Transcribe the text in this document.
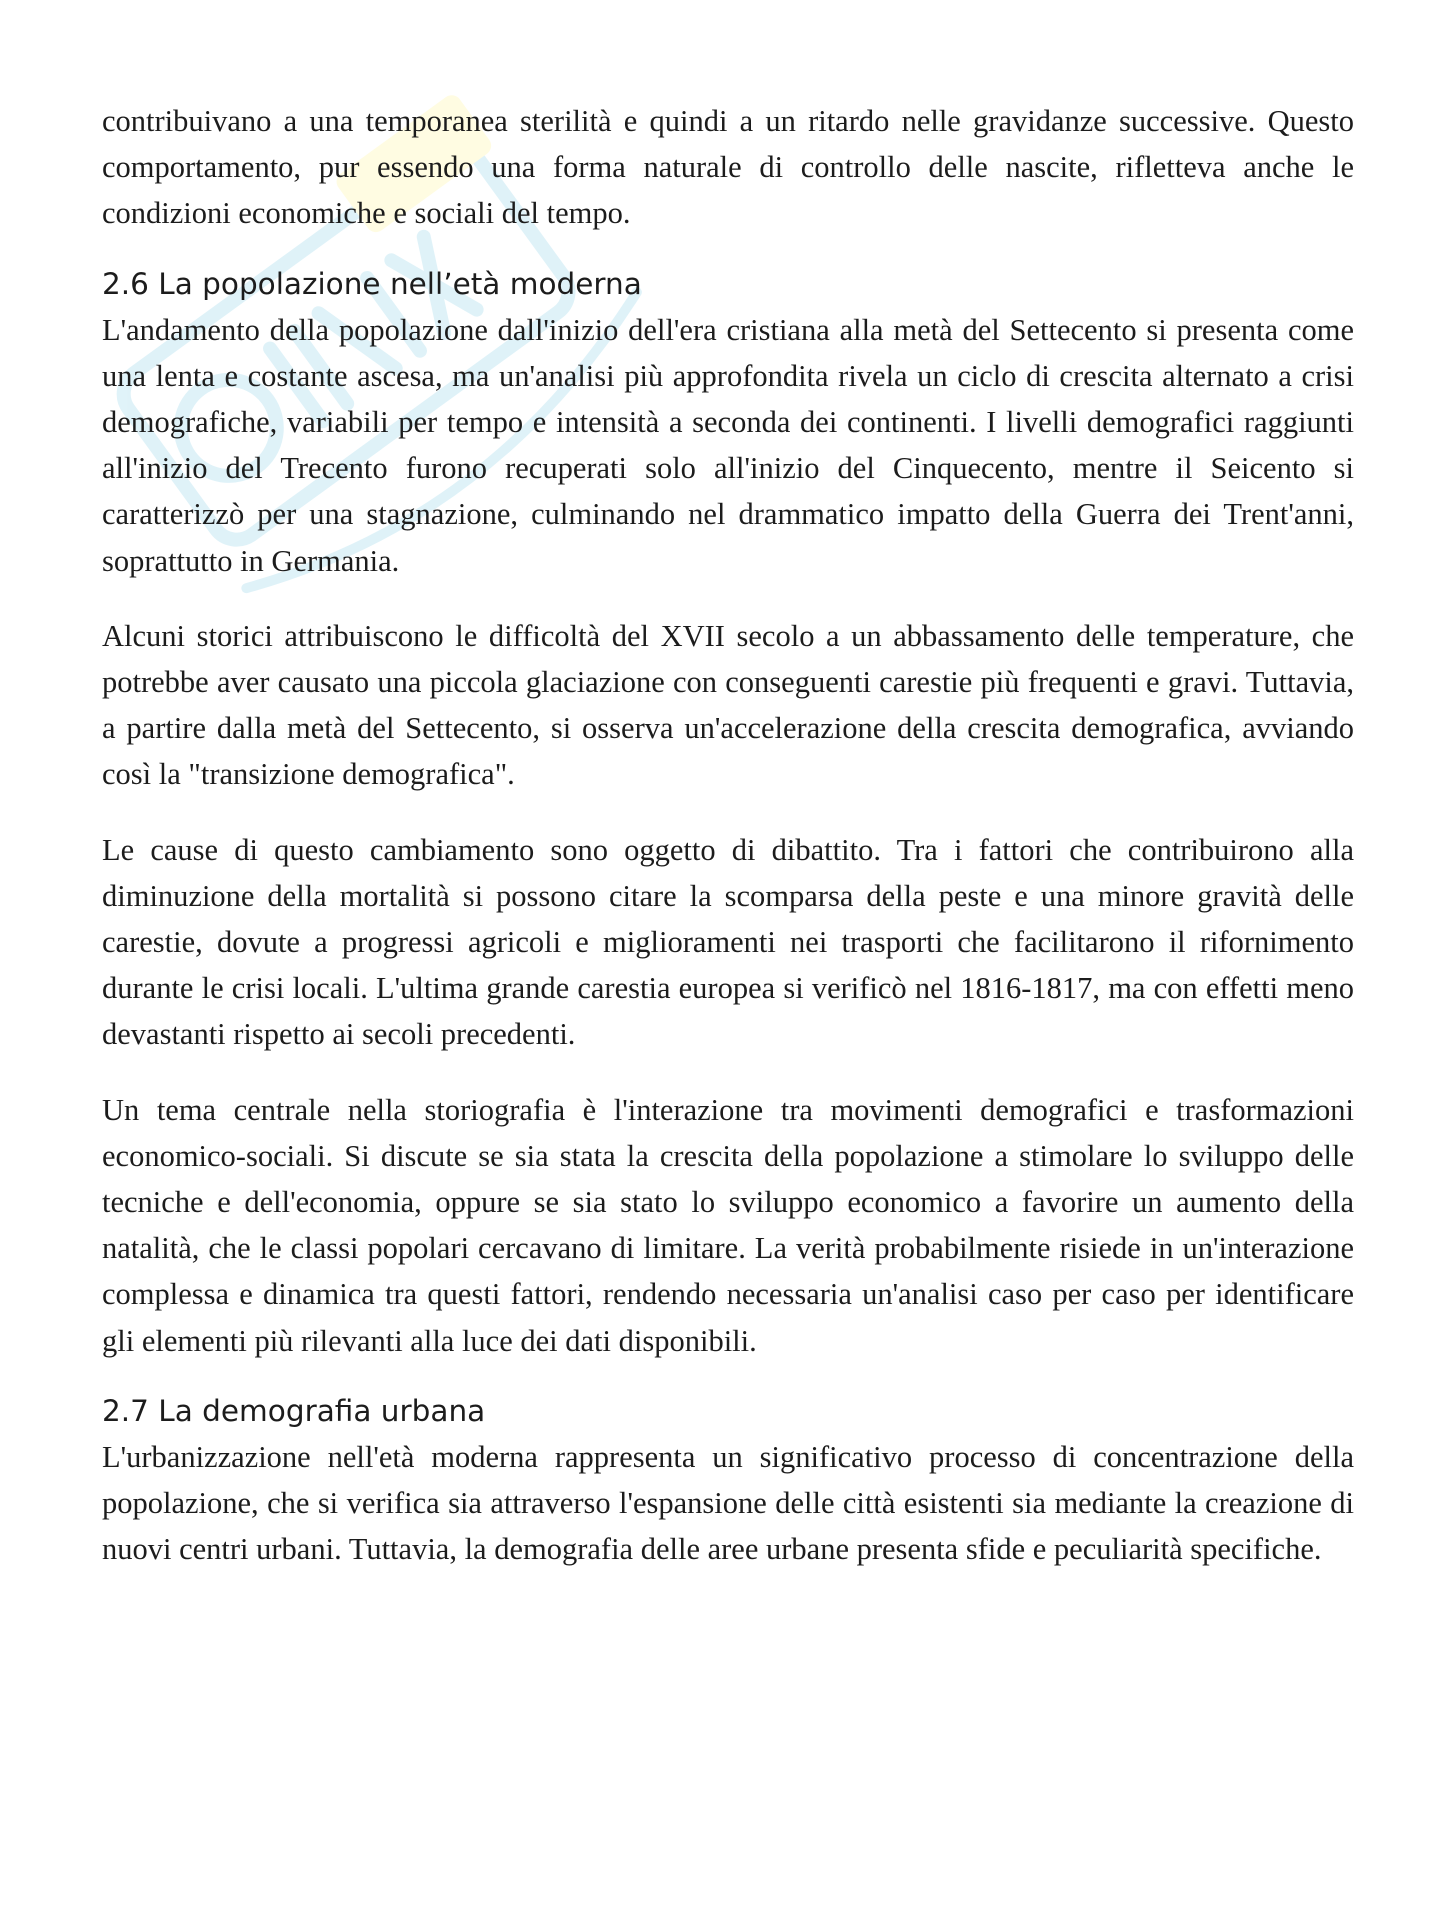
contribuivano a una temporanea sterilità e quindi a un ritardo nelle gravidanze successive. Questo comportamento, pur essendo una forma naturale di controllo delle nascite, rifletteva anche le condizioni economiche e sociali del tempo.

2.6 La popolazione nell’età moderna

L'andamento della popolazione dall'inizio dell'era cristiana alla metà del Settecento si presenta come una lenta e costante ascesa, ma un'analisi più approfondita rivela un ciclo di crescita alternato a crisi demografiche, variabili per tempo e intensità a seconda dei continenti. I livelli demografici raggiunti all'inizio del Trecento furono recuperati solo all'inizio del Cinquecento, mentre il Seicento si caratterizzò per una stagnazione, culminando nel drammatico impatto della Guerra dei Trent'anni, soprattutto in Germania.

Alcuni storici attribuiscono le difficoltà del XVII secolo a un abbassamento delle temperature, che potrebbe aver causato una piccola glaciazione con conseguenti carestie più frequenti e gravi. Tuttavia, a partire dalla metà del Settecento, si osserva un'accelerazione della crescita demografica, avviando così la "transizione demografica".

Le cause di questo cambiamento sono oggetto di dibattito. Tra i fattori che contribuirono alla diminuzione della mortalità si possono citare la scomparsa della peste e una minore gravità delle carestie, dovute a progressi agricoli e miglioramenti nei trasporti che facilitarono il rifornimento durante le crisi locali. L'ultima grande carestia europea si verificò nel 1816-1817, ma con effetti meno devastanti rispetto ai secoli precedenti.

Un tema centrale nella storiografia è l'interazione tra movimenti demografici e trasformazioni economico-sociali. Si discute se sia stata la crescita della popolazione a stimolare lo sviluppo delle tecniche e dell'economia, oppure se sia stato lo sviluppo economico a favorire un aumento della natalità, che le classi popolari cercavano di limitare. La verità probabilmente risiede in un'interazione complessa e dinamica tra questi fattori, rendendo necessaria un'analisi caso per caso per identificare gli elementi più rilevanti alla luce dei dati disponibili.

2.7 La demografia urbana

L'urbanizzazione nell'età moderna rappresenta un significativo processo di concentrazione della popolazione, che si verifica sia attraverso l'espansione delle città esistenti sia mediante la creazione di nuovi centri urbani. Tuttavia, la demografia delle aree urbane presenta sfide e peculiarità specifiche.
